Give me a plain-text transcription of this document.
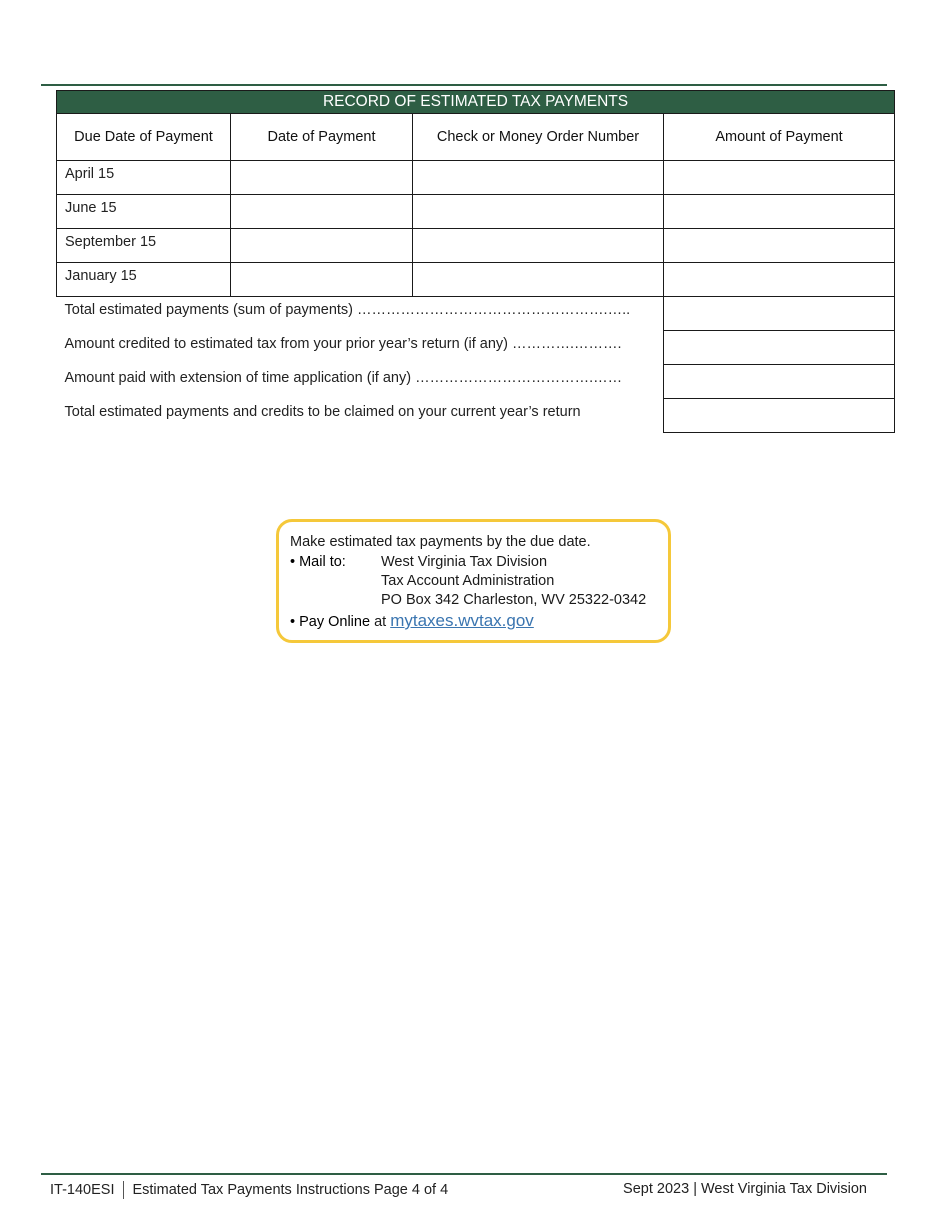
RECORD OF ESTIMATED TAX PAYMENTS			
Due Date of Payment	Date of Payment	Check or Money Order Number	Amount of Payment
April 15			
June 15			
September 15			
January 15			
Total estimated payments (sum of payments) …………………………………………….…..			
Amount credited to estimated tax from your prior year’s return (if any) ………….……….			
Amount paid with extension of time application (if any) ……………………………….……			
Total estimated payments and credits to be claimed on your current year’s return			
Make estimated tax payments by the due date.
• Mail to: West Virginia Tax Division
Tax Account Administration
PO Box 342 Charleston, WV 25322-0342
• Pay Online at mytaxes.wvtax.gov
IT-140ESI Estimated Tax Payments Instructions Page 4 of 4	Sept 2023 | West Virginia Tax Division
